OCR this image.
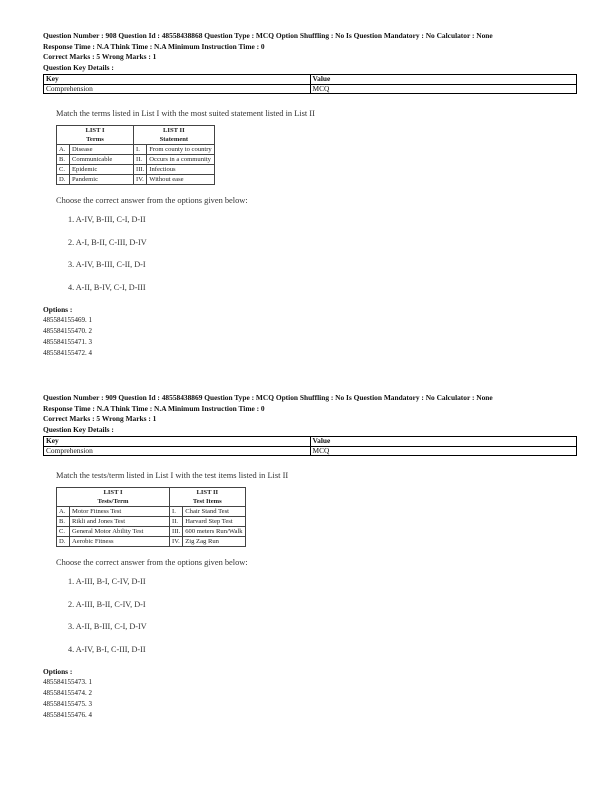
Question Number : 908 Question Id : 48558438868 Question Type : MCQ Option Shuffling : No Is Question Mandatory : No Calculator : None
Response Time : N.A Think Time : N.A Minimum Instruction Time : 0
Correct Marks : 5 Wrong Marks : 1
Question Key Details :
Key	Value
Comprehension	MCQ
Match the terms listed in List I with the most suited statement listed in List II
LIST I		LIST II	
Terms		Statement	
A.	Disease	I.	From county to country
B.	Communicable	II.	Occurs in a community
C.	Epidemic	III.	Infectious
D.	Pandemic	IV.	Without ease
Choose the correct answer from the options given below:
1. A-IV, B-III, C-I, D-II
2. A-I, B-II, C-III, D-IV
3. A-IV, B-III, C-II, D-I
4. A-II, B-IV, C-I, D-III
Options :
485584155469. 1
485584155470. 2
485584155471. 3
485584155472. 4
Question Number : 909 Question Id : 48558438869 Question Type : MCQ Option Shuffling : No Is Question Mandatory : No Calculator : None
Response Time : N.A Think Time : N.A Minimum Instruction Time : 0
Correct Marks : 5 Wrong Marks : 1
Question Key Details :
Key	Value
Comprehension	MCQ
Match the tests/term listed in List I with the test items listed in List II
LIST I		LIST II	
Tests/Term		Test Items	
A.	Motor Fitness Test	I.	Chair Stand Test
B.	Rikli and Jones Test	II.	Harvard Step Test
C.	General Motor Ability Test	III.	600 meters Run/Walk
D.	Aerobic Fitness	IV.	Zig Zag Run
Choose the correct answer from the options given below:
1. A-III, B-I, C-IV, D-II
2. A-III, B-II, C-IV, D-I
3. A-II, B-III, C-I, D-IV
4. A-IV, B-I, C-III, D-II
Options :
485584155473. 1
485584155474. 2
485584155475. 3
485584155476. 4
